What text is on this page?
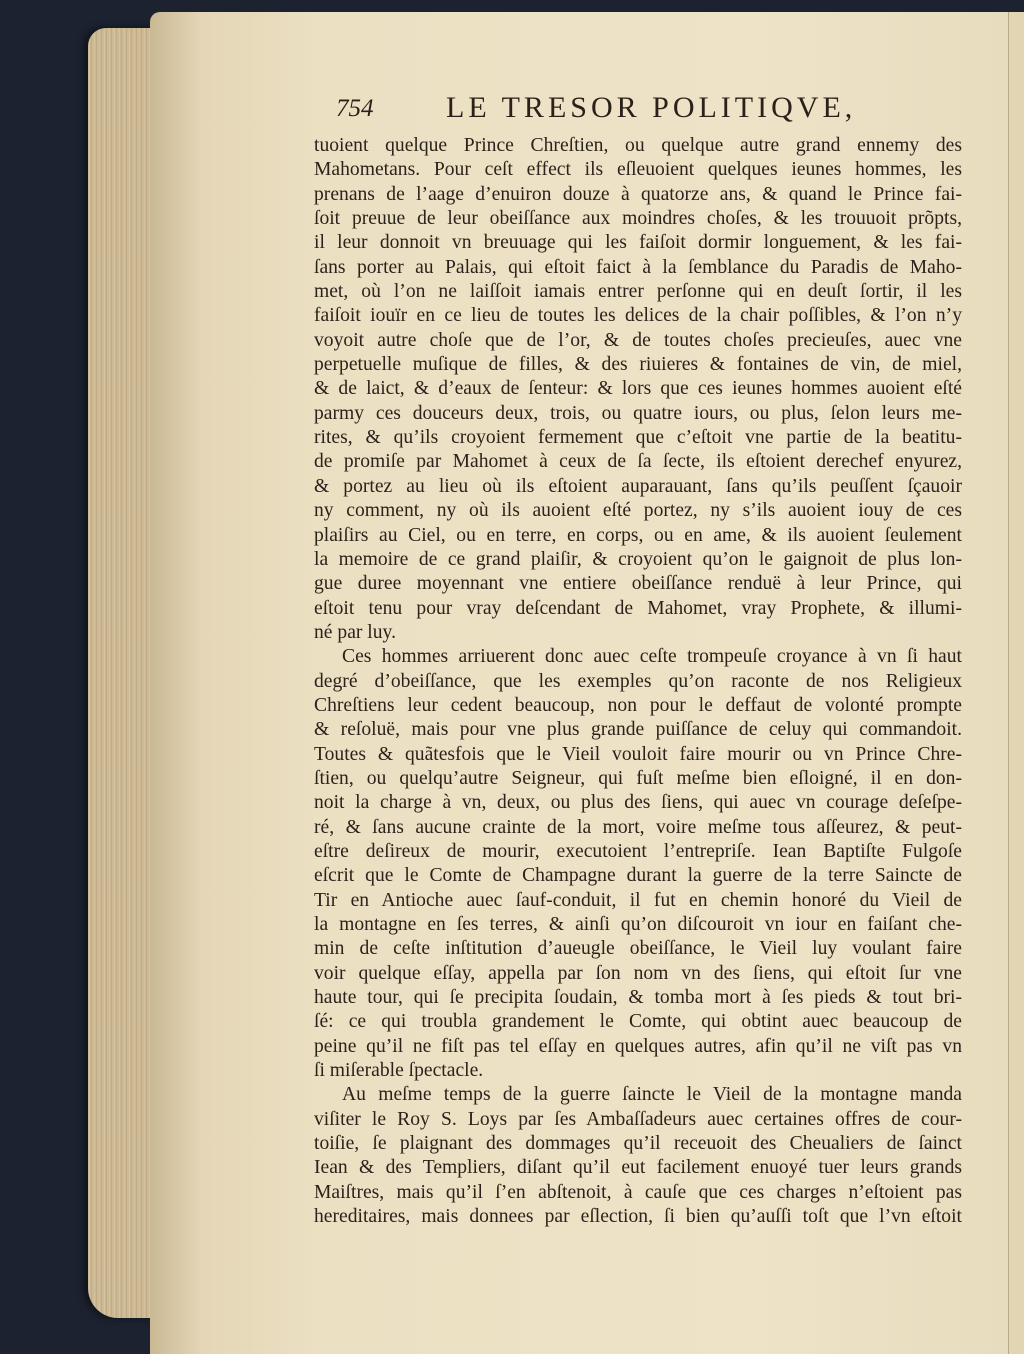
754 LE TRESOR POLITIQVE,
tuoient quelque Prince Chreſtien, ou quelque autre grand ennemy des
Mahometans. Pour ceſt effect ils eſleuoient quelques ieunes hommes, les
prenans de l’aage d’enuiron douze à quatorze ans, & quand le Prince fai-
ſoit preuue de leur obeiſſance aux moindres choſes, & les trouuoit prõpts,
il leur donnoit vn breuuage qui les faiſoit dormir longuement, & les fai-
ſans porter au Palais, qui eſtoit faict à la ſemblance du Paradis de Maho-
met, où l’on ne laiſſoit iamais entrer perſonne qui en deuſt ſortir, il les
faiſoit iouïr en ce lieu de toutes les delices de la chair poſſibles, & l’on n’y
voyoit autre choſe que de l’or, & de toutes choſes precieuſes, auec vne
perpetuelle muſique de filles, & des riuieres & fontaines de vin, de miel,
& de laict, & d’eaux de ſenteur: & lors que ces ieunes hommes auoient eſté
parmy ces douceurs deux, trois, ou quatre iours, ou plus, ſelon leurs me-
rites, & qu’ils croyoient fermement que c’eſtoit vne partie de la beatitu-
de promiſe par Mahomet à ceux de ſa ſecte, ils eſtoient derechef enyurez,
& portez au lieu où ils eſtoient auparauant, ſans qu’ils peuſſent ſçauoir
ny comment, ny où ils auoient eſté portez, ny s’ils auoient iouy de ces
plaiſirs au Ciel, ou en terre, en corps, ou en ame, & ils auoient ſeulement
la memoire de ce grand plaiſir, & croyoient qu’on le gaignoit de plus lon-
gue duree moyennant vne entiere obeiſſance renduë à leur Prince, qui
eſtoit tenu pour vray deſcendant de Mahomet, vray Prophete, & illumi-
né par luy.
Ces hommes arriuerent donc auec ceſte trompeuſe croyance à vn ſi haut
degré d’obeiſſance, que les exemples qu’on raconte de nos Religieux
Chreſtiens leur cedent beaucoup, non pour le deffaut de volonté prompte
& reſoluë, mais pour vne plus grande puiſſance de celuy qui commandoit.
Toutes & quãtesfois que le Vieil vouloit faire mourir ou vn Prince Chre-
ſtien, ou quelqu’autre Seigneur, qui fuſt meſme bien eſloigné, il en don-
noit la charge à vn, deux, ou plus des ſiens, qui auec vn courage deſeſpe-
ré, & ſans aucune crainte de la mort, voire meſme tous aſſeurez, & peut-
eſtre deſireux de mourir, executoient l’entrepriſe. Iean Baptiſte Fulgoſe
eſcrit que le Comte de Champagne durant la guerre de la terre Saincte de
Tir en Antioche auec ſauf-conduit, il fut en chemin honoré du Vieil de
la montagne en ſes terres, & ainſi qu’on diſcouroit vn iour en faiſant che-
min de ceſte inſtitution d’aueugle obeiſſance, le Vieil luy voulant faire
voir quelque eſſay, appella par ſon nom vn des ſiens, qui eſtoit ſur vne
haute tour, qui ſe precipita ſoudain, & tomba mort à ſes pieds & tout bri-
ſé: ce qui troubla grandement le Comte, qui obtint auec beaucoup de
peine qu’il ne fiſt pas tel eſſay en quelques autres, afin qu’il ne viſt pas vn
ſi miſerable ſpectacle.
Au meſme temps de la guerre ſaincte le Vieil de la montagne manda
viſiter le Roy S. Loys par ſes Ambaſſadeurs auec certaines offres de cour-
toiſie, ſe plaignant des dommages qu’il receuoit des Cheualiers de ſainct
Iean & des Templiers, diſant qu’il eut facilement enuoyé tuer leurs grands
Maiſtres, mais qu’il ſ’en abſtenoit, à cauſe que ces charges n’eſtoient pas
hereditaires, mais donnees par eſlection, ſi bien qu’auſſi toſt que l’vn eſtoit
